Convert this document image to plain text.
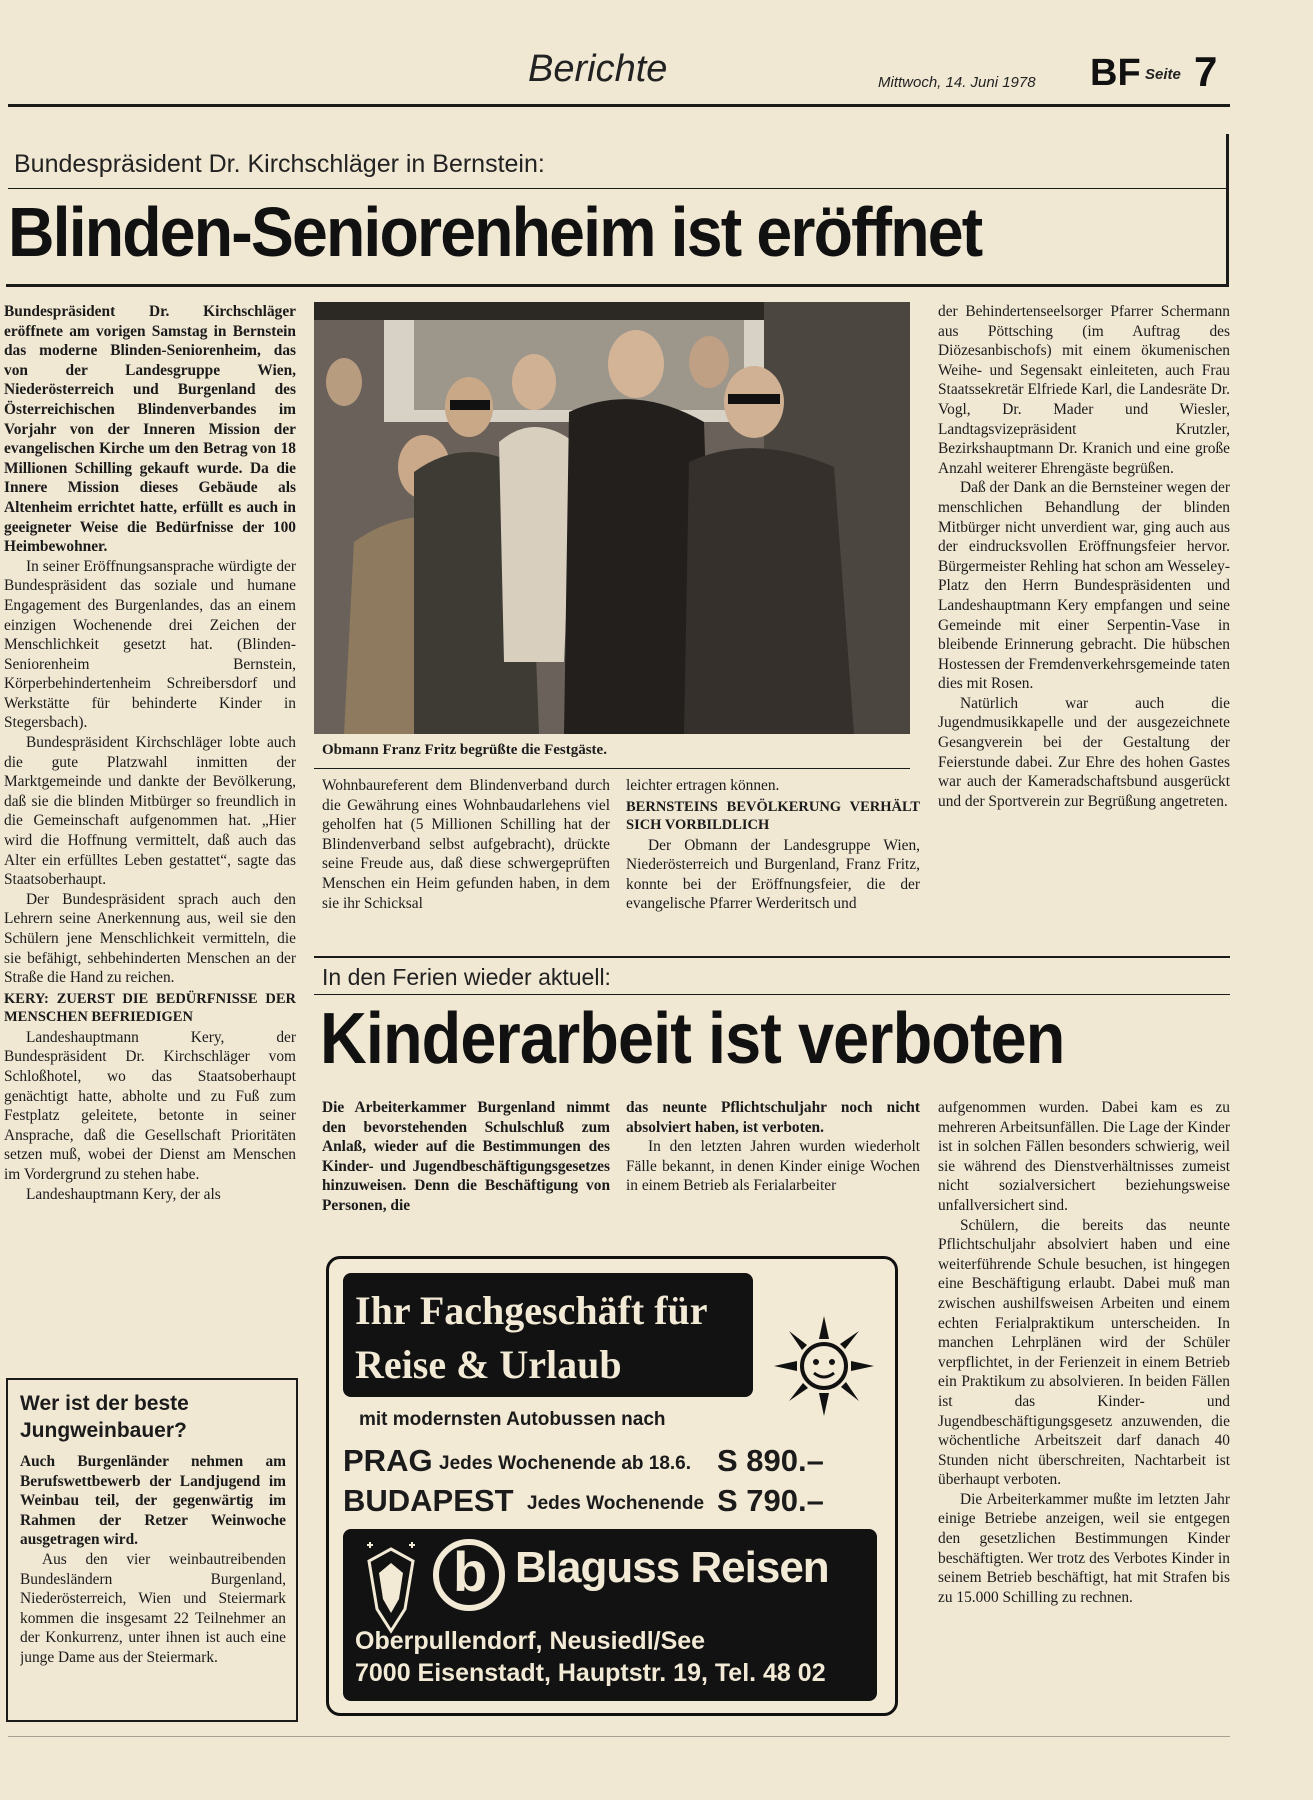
Berichte	Mittwoch, 14. Juni 1978 BF Seite 7
Bundespräsident Dr. Kirchschläger in Bernstein:
Blinden-Seniorenheim ist eröffnet

Bundespräsident Dr. Kirchschläger eröffnete am vorigen Samstag in Bernstein das moderne Blinden-Seniorenheim, das von der Landesgruppe Wien, Niederösterreich und Burgenland des Österreichischen Blindenverbandes im Vorjahr von der Inneren Mission der evangelischen Kirche um den Betrag von 18 Millionen Schilling gekauft wurde. Da die Innere Mission dieses Gebäude als Altenheim errichtet hatte, erfüllt es auch in geeigneter Weise die Bedürfnisse der 100 Heimbewohner.

In seiner Eröffnungsansprache würdigte der Bundespräsident das soziale und humane Engagement des Burgenlandes, das an einem einzigen Wochenende drei Zeichen der Menschlichkeit gesetzt hat. (Blinden-Seniorenheim Bernstein, Körperbehindertenheim Schreibersdorf und Werkstätte für behinderte Kinder in Stegersbach).

Bundespräsident Kirchschläger lobte auch die gute Platzwahl inmitten der Marktgemeinde und dankte der Bevölkerung, daß sie die blinden Mitbürger so freundlich in die Gemeinschaft aufgenommen hat. „Hier wird die Hoffnung vermittelt, daß auch das Alter ein erfülltes Leben gestattet“, sagte das Staatsoberhaupt.

Der Bundespräsident sprach auch den Lehrern seine Anerkennung aus, weil sie den Schülern jene Menschlichkeit vermitteln, die sie befähigt, sehbehinderten Menschen an der Straße die Hand zu reichen.

KERY: ZUERST DIE BEDÜRFNISSE DER MENSCHEN BEFRIEDIGEN

Landeshauptmann Kery, der Bundespräsident Dr. Kirchschläger vom Schloßhotel, wo das Staatsoberhaupt genächtigt hatte, abholte und zu Fuß zum Festplatz geleitete, betonte in seiner Ansprache, daß die Gesellschaft Prioritäten setzen muß, wobei der Dienst am Menschen im Vordergrund zu stehen habe.

Landeshauptmann Kery, der als

Obmann Franz Fritz begrüßte die Festgäste.

Wohnbaureferent dem Blindenverband durch die Gewährung eines Wohnbaudarlehens viel geholfen hat (5 Millionen Schilling hat der Blindenverband selbst aufgebracht), drückte seine Freude aus, daß diese schwergeprüften Menschen ein Heim gefunden haben, in dem sie ihr Schicksal

leichter ertragen können.

BERNSTEINS BEVÖLKERUNG VERHÄLT SICH VORBILDLICH

Der Obmann der Landesgruppe Wien, Niederösterreich und Burgenland, Franz Fritz, konnte bei der Eröffnungsfeier, die der evangelische Pfarrer Werderitsch und

der Behindertenseelsorger Pfarrer Schermann aus Pöttsching (im Auftrag des Diözesanbischofs) mit einem ökumenischen Weihe- und Segensakt einleiteten, auch Frau Staatssekretär Elfriede Karl, die Landesräte Dr. Vogl, Dr. Mader und Wiesler, Landtagsvizepräsident Krutzler, Bezirkshauptmann Dr. Kranich und eine große Anzahl weiterer Ehrengäste begrüßen.

Daß der Dank an die Bernsteiner wegen der menschlichen Behandlung der blinden Mitbürger nicht unverdient war, ging auch aus der eindrucksvollen Eröffnungsfeier hervor. Bürgermeister Rehling hat schon am Wesseley-Platz den Herrn Bundespräsidenten und Landeshauptmann Kery empfangen und seine Gemeinde mit einer Serpentin-Vase in bleibende Erinnerung gebracht. Die hübschen Hostessen der Fremdenverkehrsgemeinde taten dies mit Rosen.

Natürlich war auch die Jugendmusikkapelle und der ausgezeichnete Gesangverein bei der Gestaltung der Feierstunde dabei. Zur Ehre des hohen Gastes war auch der Kameradschaftsbund ausgerückt und der Sportverein zur Begrüßung angetreten.

In den Ferien wieder aktuell:
Kinderarbeit ist verboten

Die Arbeiterkammer Burgenland nimmt den bevorstehenden Schulschluß zum Anlaß, wieder auf die Bestimmungen des Kinder- und Jugendbeschäftigungsgesetzes hinzuweisen. Denn die Beschäftigung von Personen, die

das neunte Pflichtschuljahr noch nicht absolviert haben, ist verboten.

In den letzten Jahren wurden wiederholt Fälle bekannt, in denen Kinder einige Wochen in einem Betrieb als Ferialarbeiter

aufgenommen wurden. Dabei kam es zu mehreren Arbeitsunfällen. Die Lage der Kinder ist in solchen Fällen besonders schwierig, weil sie während des Dienstverhältnisses zumeist nicht sozialversichert beziehungsweise unfallversichert sind.

Schülern, die bereits das neunte Pflichtschuljahr absolviert haben und eine weiterführende Schule besuchen, ist hingegen eine Beschäftigung erlaubt. Dabei muß man zwischen aushilfsweisen Arbeiten und einem echten Ferialpraktikum unterscheiden. In manchen Lehrplänen wird der Schüler verpflichtet, in der Ferienzeit in einem Betrieb ein Praktikum zu absolvieren. In beiden Fällen ist das Kinder- und Jugendbeschäftigungsgesetz anzuwenden, die wöchentliche Arbeitszeit darf danach 40 Stunden nicht überschreiten, Nachtarbeit ist überhaupt verboten.

Die Arbeiterkammer mußte im letzten Jahr einige Betriebe anzeigen, weil sie entgegen den gesetzlichen Bestimmungen Kinder beschäftigten. Wer trotz des Verbotes Kinder in seinem Betrieb beschäftigt, hat mit Strafen bis zu 15.000 Schilling zu rechnen.

Wer ist der beste Jungweinbauer?

Auch Burgenländer nehmen am Berufswettbewerb der Landjugend im Weinbau teil, der gegenwärtig im Rahmen der Retzer Weinwoche ausgetragen wird.

Aus den vier weinbautreibenden Bundesländern Burgenland, Niederösterreich, Wien und Steiermark kommen die insgesamt 22 Teilnehmer an der Konkurrenz, unter ihnen ist auch eine junge Dame aus der Steiermark.

Ihr Fachgeschäft für
Reise & Urlaub
mit modernsten Autobussen nach
PRAG Jedes Wochenende ab 18.6. S 890.–
BUDAPEST Jedes Wochenende S 790.–
b Blaguss Reisen
Oberpullendorf, Neusiedl/See
7000 Eisenstadt, Hauptstr. 19, Tel. 48 02
